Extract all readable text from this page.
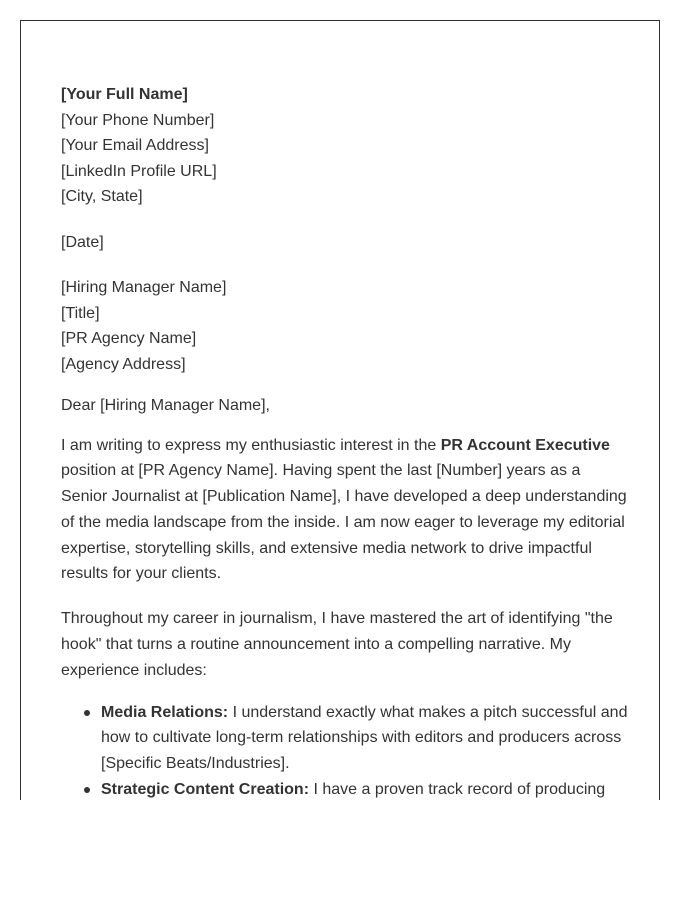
[Your Full Name]
[Your Phone Number]
[Your Email Address]
[LinkedIn Profile URL]
[City, State]
[Date]
[Hiring Manager Name]
[Title]
[PR Agency Name]
[Agency Address]
Dear [Hiring Manager Name],

I am writing to express my enthusiastic interest in the PR Account Executive position at [PR Agency Name]. Having spent the last [Number] years as a Senior Journalist at [Publication Name], I have developed a deep understanding of the media landscape from the inside. I am now eager to leverage my editorial expertise, storytelling skills, and extensive media network to drive impactful results for your clients.

Throughout my career in journalism, I have mastered the art of identifying "the hook" that turns a routine announcement into a compelling narrative. My experience includes:

Media Relations: I understand exactly what makes a pitch successful and how to cultivate long-term relationships with editors and producers across [Specific Beats/Industries].
Strategic Content Creation: I have a proven track record of producing
